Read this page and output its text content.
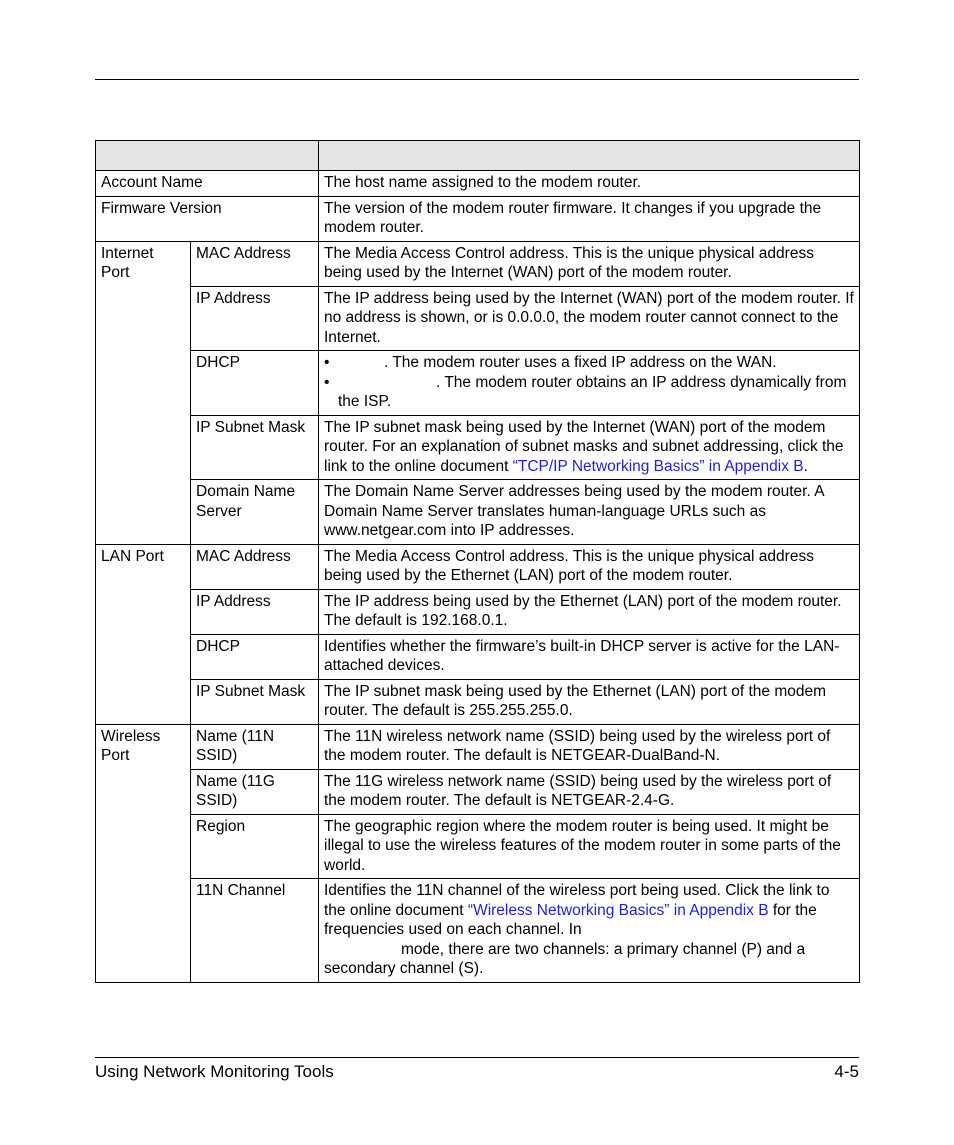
Account Name		The host name assigned to the modem router.
Firmware Version		The version of the modem router firmware. It changes if you upgrade the modem router.
Internet Port	MAC Address	The Media Access Control address. This is the unique physical address being used by the Internet (WAN) port of the modem router.
	IP Address	The IP address being used by the Internet (WAN) port of the modem router. If no address is shown, or is 0.0.0.0, the modem router cannot connect to the Internet.
	DHCP	• . The modem router uses a fixed IP address on the WAN.
• . The modem router obtains an IP address dynamically from the ISP.

	IP Subnet Mask	The IP subnet mask being used by the Internet (WAN) port of the modem router. For an explanation of subnet masks and subnet addressing, click the link to the online document “TCP/IP Networking Basics” in Appendix B.
	Domain Name Server	The Domain Name Server addresses being used by the modem router. A Domain Name Server translates human-language URLs such as www.netgear.com into IP addresses.
LAN Port	MAC Address	The Media Access Control address. This is the unique physical address being used by the Ethernet (LAN) port of the modem router.
	IP Address	The IP address being used by the Ethernet (LAN) port of the modem router. The default is 192.168.0.1.
	DHCP	Identifies whether the firmware’s built-in DHCP server is active for the LAN-attached devices.
	IP Subnet Mask	The IP subnet mask being used by the Ethernet (LAN) port of the modem router. The default is 255.255.255.0.
Wireless Port	Name (11N SSID)	The 11N wireless network name (SSID) being used by the wireless port of the modem router. The default is NETGEAR-DualBand-N.
	Name (11G SSID)	The 11G wireless network name (SSID) being used by the wireless port of the modem router. The default is NETGEAR-2.4-G.
	Region	The geographic region where the modem router is being used. It might be illegal to use the wireless features of the modem router in some parts of the world.
	11N Channel	Identifies the 11N channel of the wireless port being used. Click the link to the online document “Wireless Networking Basics” in Appendix B for the frequencies used on each channel. In
mode, there are two channels: a primary channel (P) and a secondary channel (S).
Using Network Monitoring Tools	4-5
